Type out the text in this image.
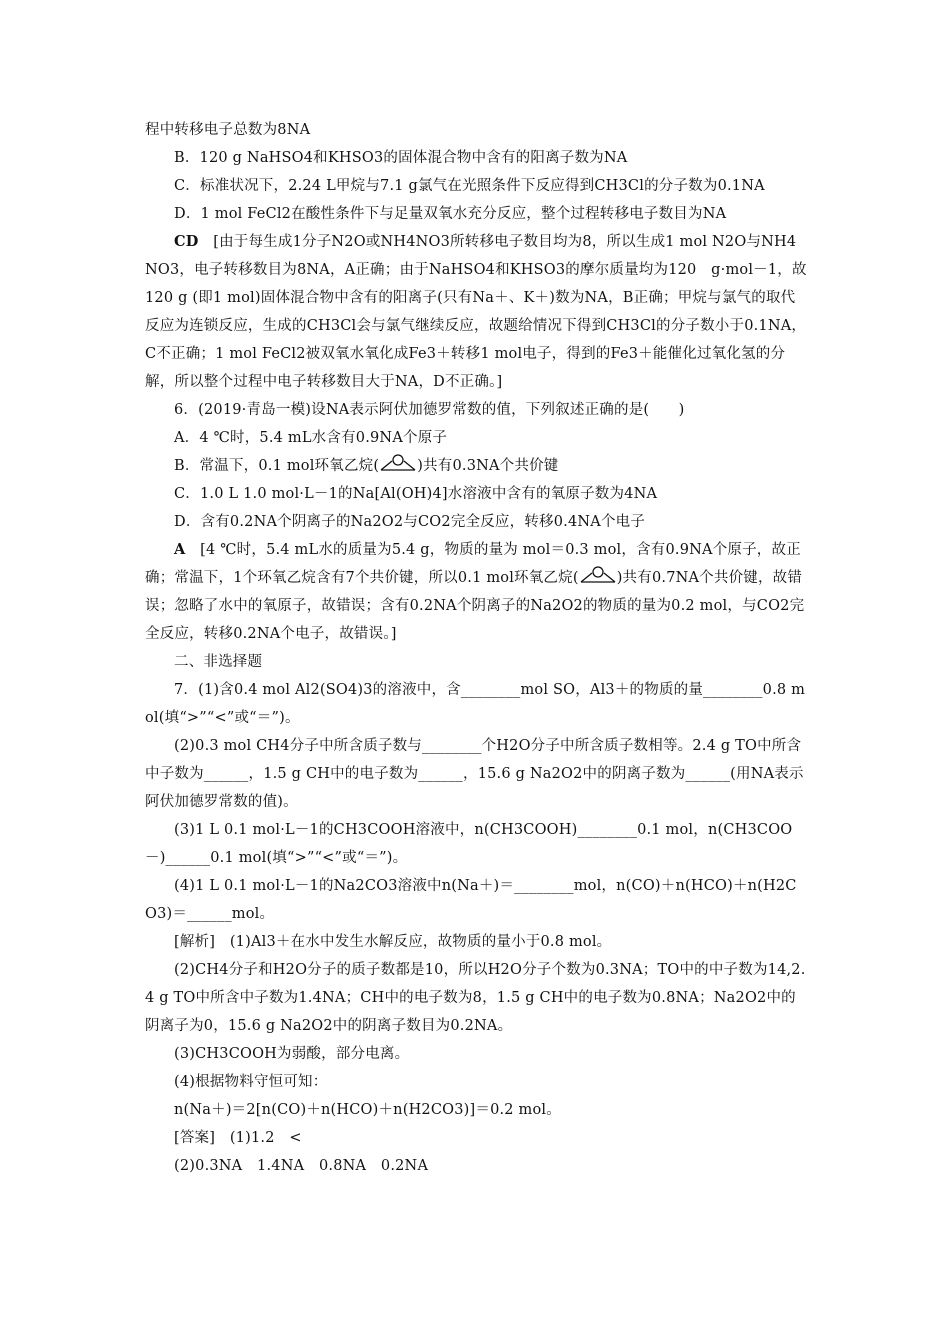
程中转移电子总数为8NA

B．120 g NaHSO4和KHSO3的固体混合物中含有的阳离子数为NA

C．标准状况下，2.24 L甲烷与7.1 g氯气在光照条件下反应得到CH3Cl的分子数为0.1NA

D．1 mol FeCl2在酸性条件下与足量双氧水充分反应，整个过程转移电子数目为NA

CD　 [由于每生成1分子N2O或NH4NO3所转移电子数目均为8，所以生成1 mol N2O与NH4NO3，电子转移数目为8NA，A正确；由于NaHSO4和KHSO3的摩尔质量均为120　g·mol－1，故120 g (即1 mol)固体混合物中含有的阳离子(只有Na＋、K＋)数为NA，B正确；甲烷与氯气的取代反应为连锁反应，生成的CH3Cl会与氯气继续反应，故题给情况下得到CH3Cl的分子数小于0.1NA，C不正确；1 mol FeCl2被双氧水氧化成Fe3＋转移1 mol电子，得到的Fe3＋能催化过氧化氢的分解，所以整个过程中电子转移数目大于NA，D不正确。]

6．(2019·青岛一模)设NA表示阿伏加德罗常数的值，下列叙述正确的是(　　)

A．4 ℃时，5.4 mL水含有0.9NA个原子

B．常温下，0.1 mol环氧乙烷(	)共有0.3NA个共价键

C．1.0 L 1.0 mol·L－1的Na[Al(OH)4]水溶液中含有的氧原子数为4NA

D．含有0.2NA个阴离子的Na2O2与CO2完全反应，转移0.4NA个电子

A　 [4 ℃时，5.4 mL水的质量为5.4 g，物质的量为 mol＝0.3 mol，含有0.9NA个原子，故正确；常温下，1个环氧乙烷含有7个共价键，所以0.1 mol环氧乙烷(	)共有0.7NA个共价键，故错误；忽略了水中的氧原子，故错误；含有0.2NA个阴离子的Na2O2的物质的量为0.2 mol，与CO2完全反应，转移0.2NA个电子，故错误。]

二、非选择题

7．(1)含0.4 mol Al2(SO4)3的溶液中，含________mol SO，Al3＋的物质的量________0.8 mol(填“>”“<”或“＝”)。

(2)0.3 mol CH4分子中所含质子数与________个H2O分子中所含质子数相等。2.4 g TO中所含中子数为______，1.5 g CH中的电子数为______，15.6 g Na2O2中的阴离子数为______(用NA表示阿伏加德罗常数的值)。

(3)1 L 0.1 mol·L－1的CH3COOH溶液中，n(CH3COOH)________0.1 mol，n(CH3COO－)______0.1 mol(填“>”“<”或“＝”)。

(4)1 L 0.1 mol·L－1的Na2CO3溶液中n(Na＋)＝________mol，n(CO)＋n(HCO)＋n(H2CO3)＝______mol。

[解析]　 (1)Al3＋在水中发生水解反应，故物质的量小于0.8 mol。

(2)CH4分子和H2O分子的质子数都是10，所以H2O分子个数为0.3NA；TO中的中子数为14,2.4 g TO中所含中子数为1.4NA；CH中的电子数为8，1.5 g CH中的电子数为0.8NA；Na2O2中的阴离子为0，15.6 g Na2O2中的阴离子数目为0.2NA。

(3)CH3COOH为弱酸，部分电离。

(4)根据物料守恒可知：

n(Na＋)＝2[n(CO)＋n(HCO)＋n(H2CO3)]＝0.2 mol。

[答案]　 (1)1.2　<

(2)0.3NA　1.4NA　0.8NA　0.2NA
